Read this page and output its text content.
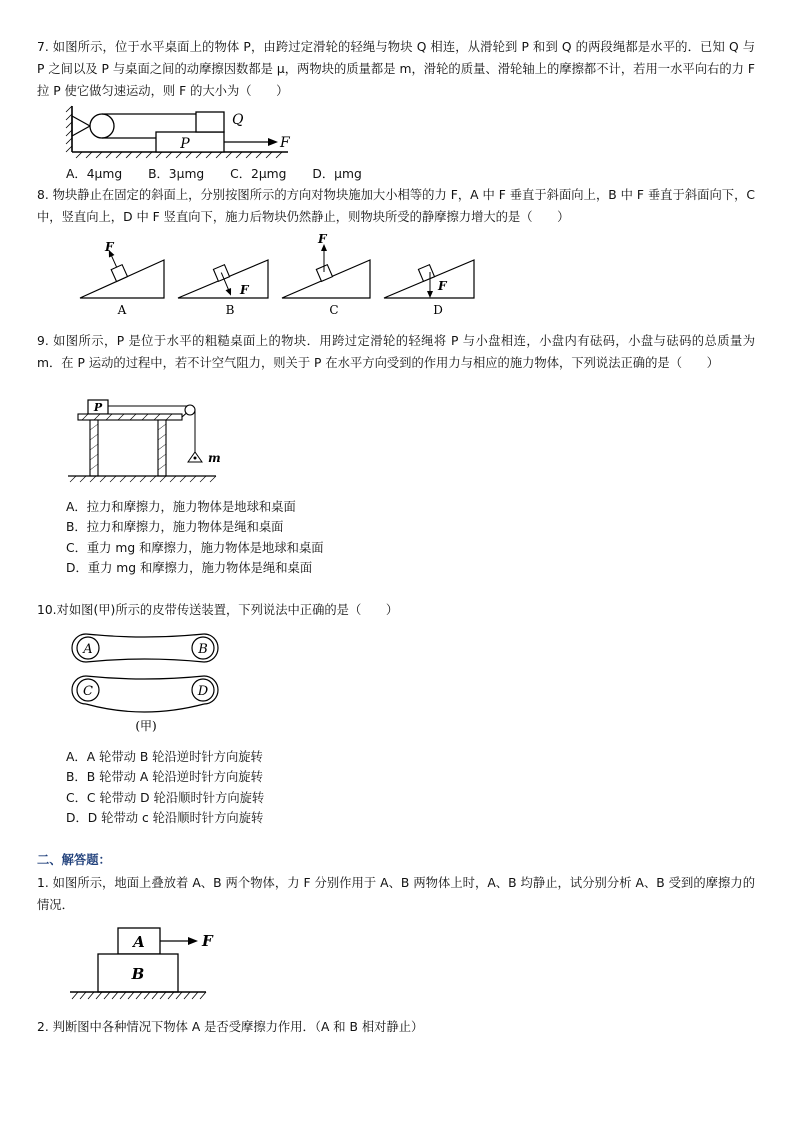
7. 如图所示，位于水平桌面上的物体 P，由跨过定滑轮的轻绳与物块 Q 相连，从滑轮到 P 和到 Q 的两段绳都是水平的．已知 Q 与 P 之间以及 P 与桌面之间的动摩擦因数都是 μ，两物块的质量都是 m，滑轮的质量、滑轮轴上的摩擦都不计，若用一水平向右的力 F 拉 P 使它做匀速运动，则 F 的大小为（　　）

P
Q
F
A．4μmg B．3μmg C．2μmg D．μmg

8. 物块静止在固定的斜面上，分别按图所示的方向对物块施加大小相等的力 F，A 中 F 垂直于斜面向上，B 中 F 垂直于斜面向下，C 中，竖直向上，D 中 F 竖直向下，施力后物块仍然静止，则物块所受的静摩擦力增大的是（　　）

F
A
F
B
F
C
F
D

9. 如图所示，P 是位于水平的粗糙桌面上的物块．用跨过定滑轮的轻绳将 P 与小盘相连，小盘内有砝码，小盘与砝码的总质量为 m．在 P 运动的过程中，若不计空气阻力，则关于 P 在水平方向受到的作用力与相应的施力物体，下列说法正确的是（　　）

P
m

A．拉力和摩擦力，施力物体是地球和桌面

B．拉力和摩擦力，施力物体是绳和桌面

C．重力 mg 和摩擦力，施力物体是地球和桌面

D．重力 mg 和摩擦力，施力物体是绳和桌面

10.对如图(甲)所示的皮带传送装置，下列说法中正确的是（　　）

A	B
C	D
(甲)

A．A 轮带动 B 轮沿逆时针方向旋转

B．B 轮带动 A 轮沿逆时针方向旋转

C．C 轮带动 D 轮沿顺时针方向旋转

D．D 轮带动 c 轮沿顺时针方向旋转

二、解答题：

1. 如图所示，地面上叠放着 A、B 两个物体，力 F 分别作用于 A、B 两物体上时，A、B 均静止，试分别分析 A、B 受到的摩擦力的情况．

A	F
B

2. 判断图中各种情况下物体 A 是否受摩擦力作用．（A 和 B 相对静止）
